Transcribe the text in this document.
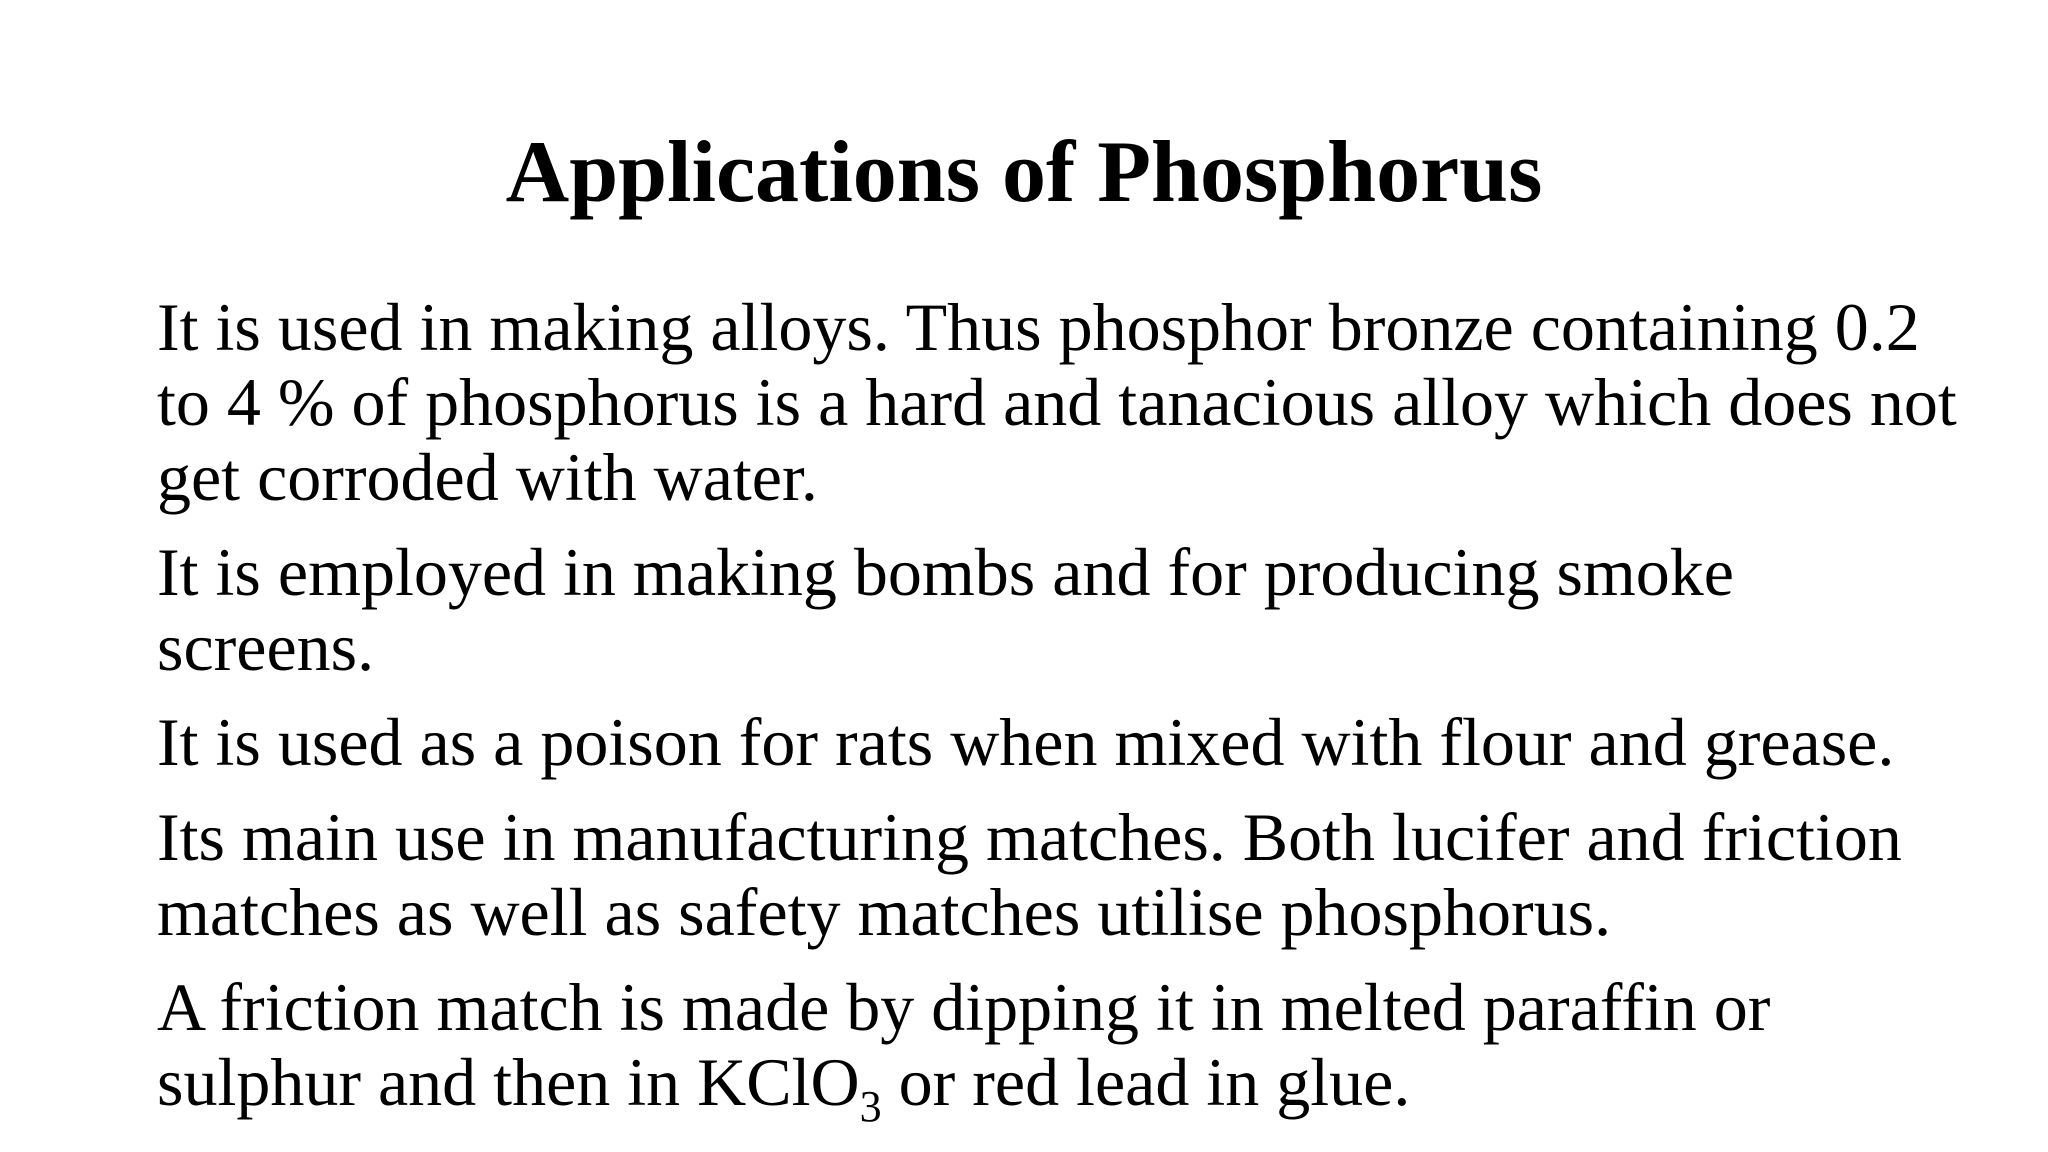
Applications of Phosphorus

It is used in making alloys. Thus phosphor bronze containing 0.2 to 4 % of phosphorus is a hard and tanacious alloy which does not get corroded with water.

It is employed in making bombs and for producing smoke screens.

It is used as a poison for rats when mixed with flour and grease.

Its main use in manufacturing matches. Both lucifer and friction matches as well as safety matches utilise phosphorus.

A friction match is made by dipping it in melted paraffin or sulphur and then in KClO$_3$ or red lead in glue.
